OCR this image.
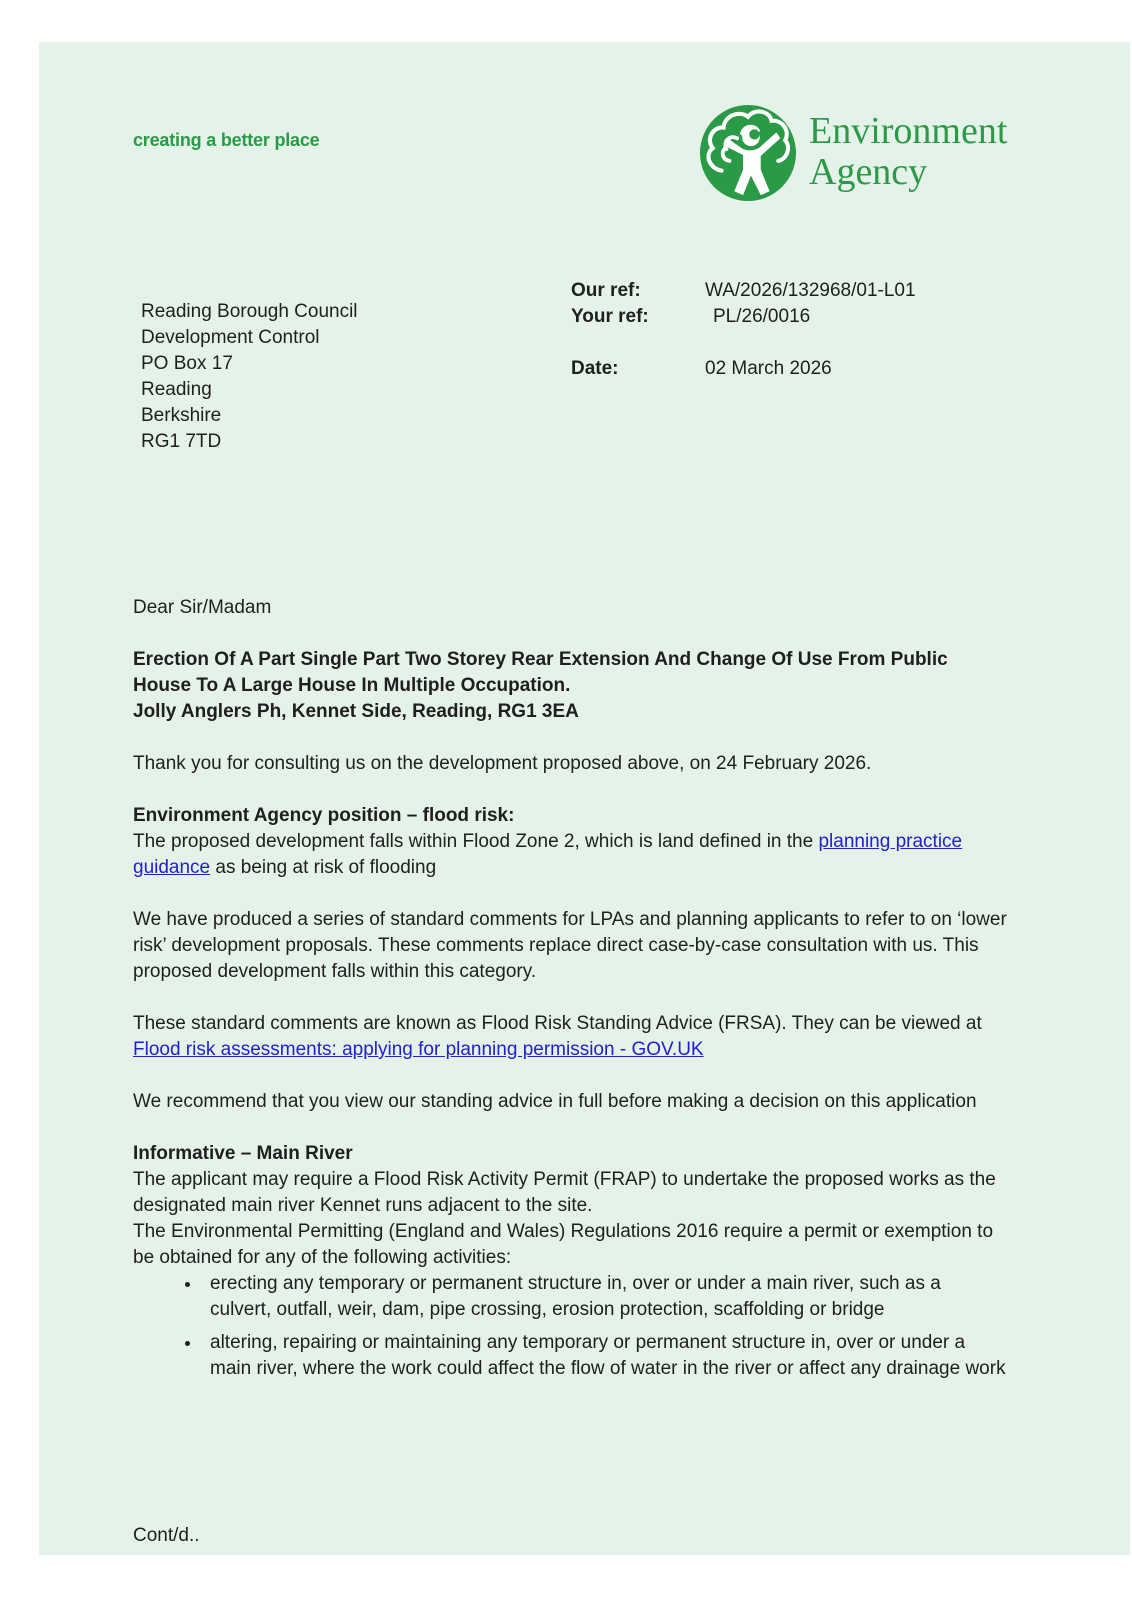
creating a better place	Environment
Agency
Reading Borough Council
Development Control
PO Box 17
Reading
Berkshire
RG1 7TD
Our ref:	WA/2026/132968/01-L01
Your ref:	PL/26/0016
Date:	02 March 2026

Dear Sir/Madam

Erection Of A Part Single Part Two Storey Rear Extension And Change Of Use From Public House To A Large House In Multiple Occupation.

Jolly Anglers Ph, Kennet Side, Reading, RG1 3EA

Thank you for consulting us on the development proposed above, on 24 February 2026.

Environment Agency position – flood risk:

The proposed development falls within Flood Zone 2, which is land defined in the planning practice guidance as being at risk of flooding

We have produced a series of standard comments for LPAs and planning applicants to refer to on ‘lower risk’ development proposals. These comments replace direct case-by-case consultation with us. This proposed development falls within this category.

These standard comments are known as Flood Risk Standing Advice (FRSA). They can be viewed at Flood risk assessments: applying for planning permission - GOV.UK

We recommend that you view our standing advice in full before making a decision on this application

Informative – Main River

The applicant may require a Flood Risk Activity Permit (FRAP) to undertake the proposed works as the designated main river Kennet runs adjacent to the site.

The Environmental Permitting (England and Wales) Regulations 2016 require a permit or exemption to be obtained for any of the following activities:

• erecting any temporary or permanent structure in, over or under a main river, such as a culvert, outfall, weir, dam, pipe crossing, erosion protection, scaffolding or bridge
• altering, repairing or maintaining any temporary or permanent structure in, over or under a main river, where the work could affect the flow of water in the river or affect any drainage work
Cont/d..
